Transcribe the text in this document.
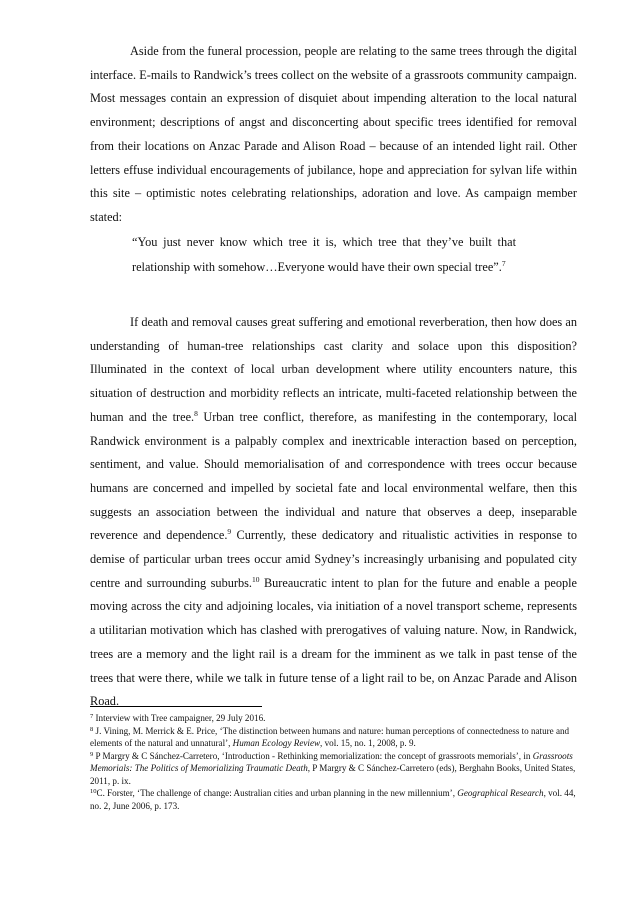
Aside from the funeral procession, people are relating to the same trees through the digital interface. E-mails to Randwick’s trees collect on the website of a grassroots community campaign. Most messages contain an expression of disquiet about impending alteration to the local natural environment; descriptions of angst and disconcerting about specific trees identified for removal from their locations on Anzac Parade and Alison Road – because of an intended light rail. Other letters effuse individual encouragements of jubilance, hope and appreciation for sylvan life within this site – optimistic notes celebrating relationships, adoration and love. As campaign member stated:

“You just never know which tree it is, which tree that they’ve built that relationship with somehow…Everyone would have their own special tree”.$^7$

If death and removal causes great suffering and emotional reverberation, then how does an understanding of human-tree relationships cast clarity and solace upon this disposition? Illuminated in the context of local urban development where utility encounters nature, this situation of destruction and morbidity reflects an intricate, multi-faceted relationship between the human and the tree.$^8$ Urban tree conflict, therefore, as manifesting in the contemporary, local Randwick environment is a palpably complex and inextricable interaction based on perception, sentiment, and value. Should memorialisation of and correspondence with trees occur because humans are concerned and impelled by societal fate and local environmental welfare, then this suggests an association between the individual and nature that observes a deep, inseparable reverence and dependence.$^9$ Currently, these dedicatory and ritualistic activities in response to demise of particular urban trees occur amid Sydney’s increasingly urbanising and populated city centre and surrounding suburbs.$^{10}$ Bureaucratic intent to plan for the future and enable a people moving across the city and adjoining locales, via initiation of a novel transport scheme, represents a utilitarian motivation which has clashed with prerogatives of valuing nature. Now, in Randwick, trees are a memory and the light rail is a dream for the imminent as we talk in past tense of the trees that were there, while we talk in future tense of a light rail to be, on Anzac Parade and Alison Road.

$^7$ Interview with Tree campaigner, 29 July 2016.

$^8$ J. Vining, M. Merrick & E. Price, ‘The distinction between humans and nature: human perceptions of connectedness to nature and elements of the natural and unnatural’, Human Ecology Review, vol. 15, no. 1, 2008, p. 9.

$^9$ P Margry & C Sánchez-Carretero, ‘Introduction - Rethinking memorialization: the concept of grassroots memorials’, in Grassroots Memorials: The Politics of Memorializing Traumatic Death, P Margry & C Sánchez-Carretero (eds), Berghahn Books, United States, 2011, p. ix.

$^{10}$C. Forster, ‘The challenge of change: Australian cities and urban planning in the new millennium’, Geographical Research, vol. 44, no. 2, June 2006, p. 173.
